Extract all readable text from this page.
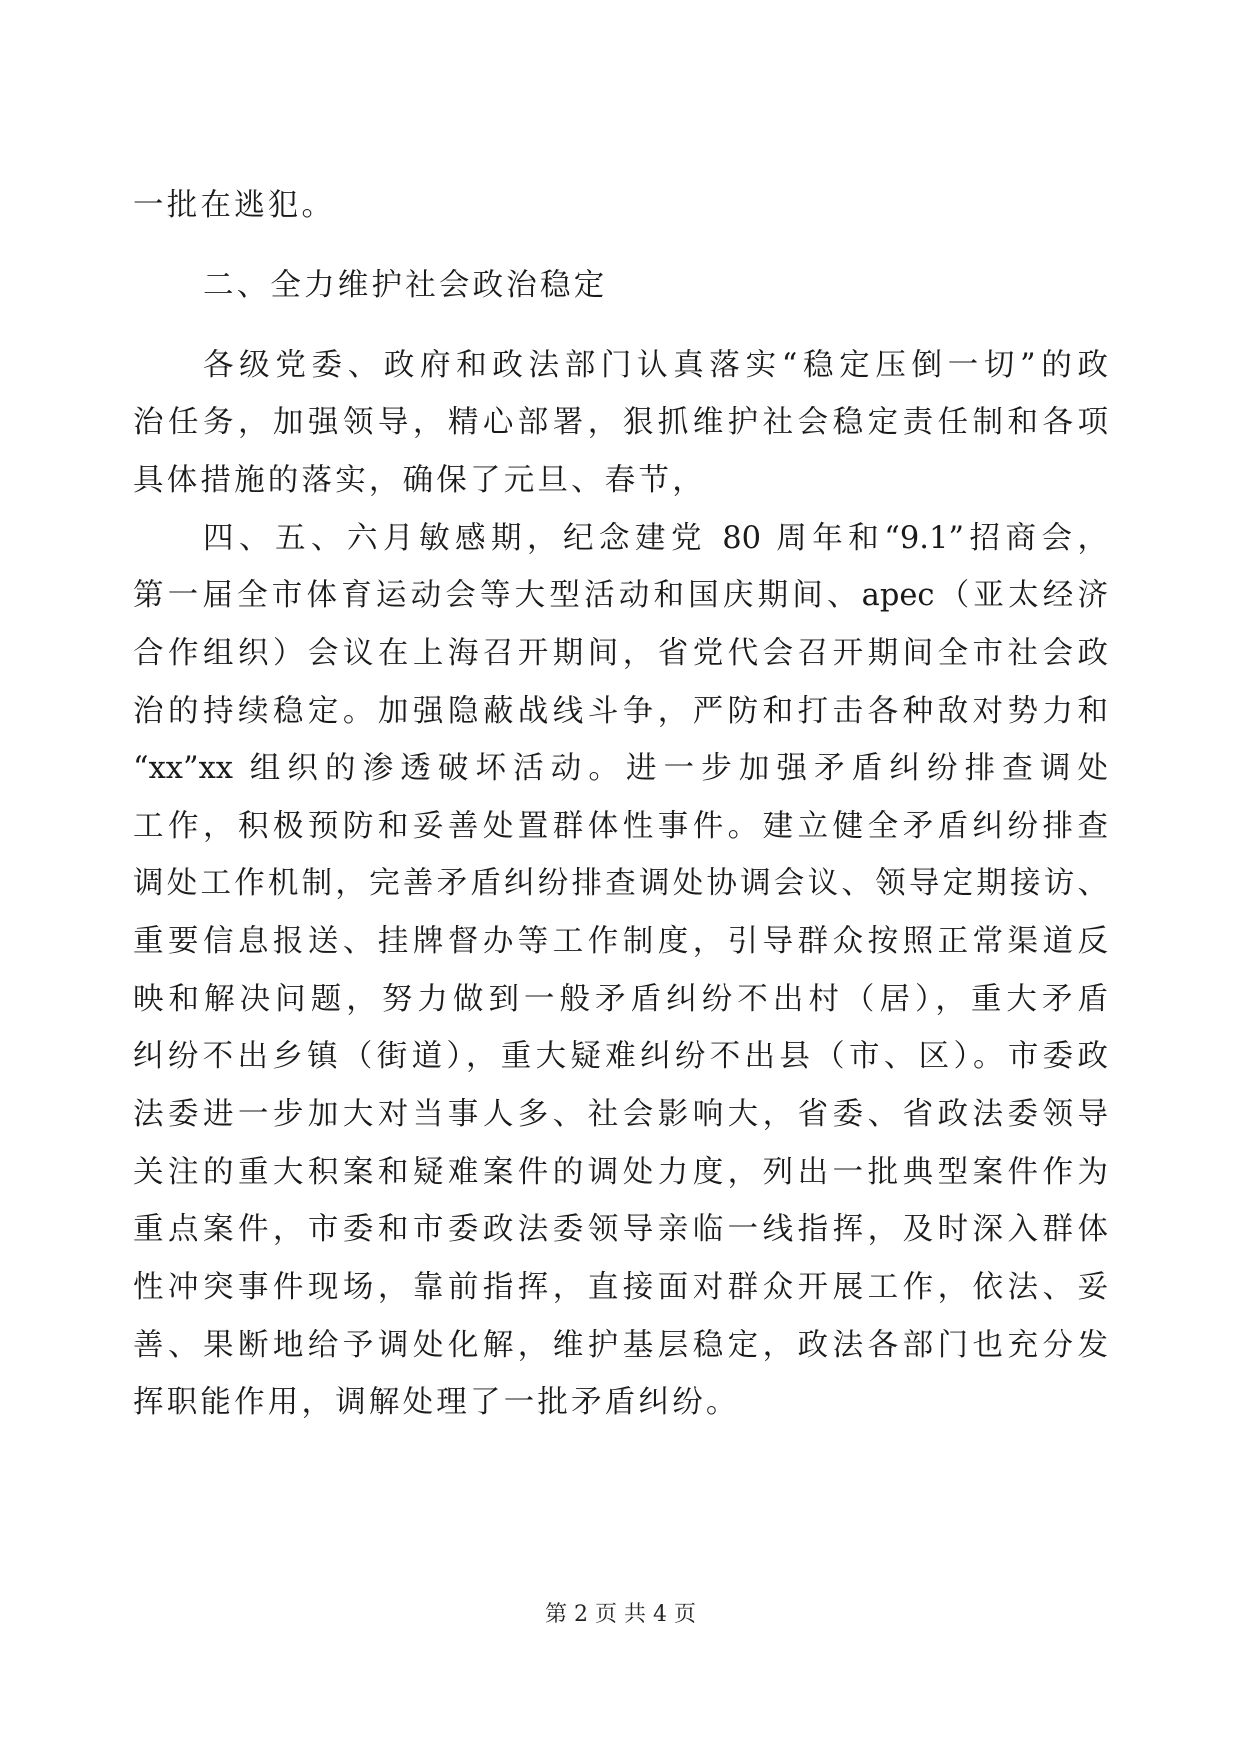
一批在逃犯。
二、全力维护社会政治稳定
各级党委、政府和政法部门认真落实“稳定压倒一切”的政
治任务，加强领导，精心部署，狠抓维护社会稳定责任制和各项
具体措施的落实，确保了元旦、春节，
四、五、六月敏感期，纪念建党 80 周年和“9.1”招商会，
第一届全市体育运动会等大型活动和国庆期间、apec（亚太经济
合作组织）会议在上海召开期间，省党代会召开期间全市社会政
治的持续稳定。加强隐蔽战线斗争，严防和打击各种敌对势力和
“xx”xx 组织的渗透破坏活动。进一步加强矛盾纠纷排查调处
工作，积极预防和妥善处置群体性事件。建立健全矛盾纠纷排查
调处工作机制，完善矛盾纠纷排查调处协调会议、领导定期接访、
重要信息报送、挂牌督办等工作制度，引导群众按照正常渠道反
映和解决问题，努力做到一般矛盾纠纷不出村（居），重大矛盾
纠纷不出乡镇（街道），重大疑难纠纷不出县（市、区）。市委政
法委进一步加大对当事人多、社会影响大，省委、省政法委领导
关注的重大积案和疑难案件的调处力度，列出一批典型案件作为
重点案件，市委和市委政法委领导亲临一线指挥，及时深入群体
性冲突事件现场，靠前指挥，直接面对群众开展工作，依法、妥
善、果断地给予调处化解，维护基层稳定，政法各部门也充分发
挥职能作用，调解处理了一批矛盾纠纷。
第 2 页 共 4 页
